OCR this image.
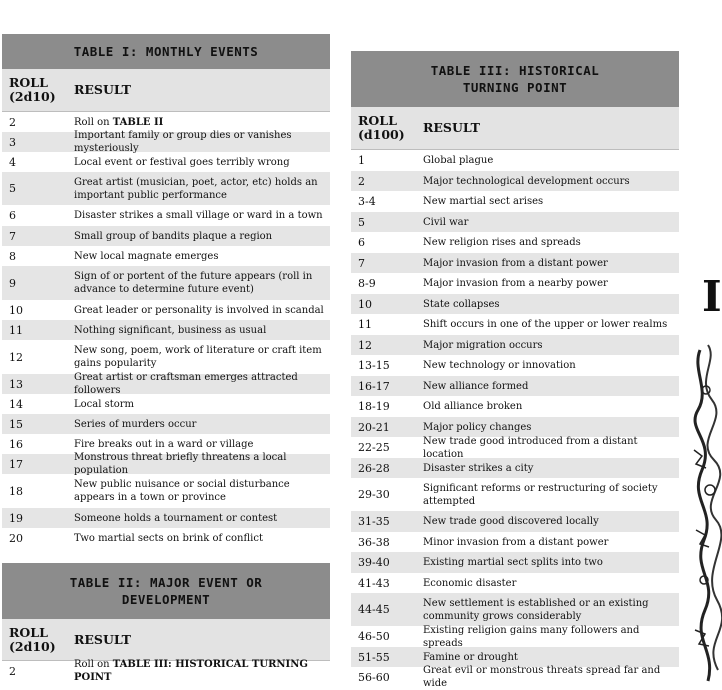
TABLE I: MONTHLY EVENTS
ROLL (2d10)	RESULT
2	Roll on TABLE II
3	Important family or group dies or vanishes mysteriously
4	Local event or festival goes terribly wrong
5	Great artist (musician, poet, actor, etc) holds an important public performance
6	Disaster strikes a small village or ward in a town
7	Small group of bandits plaque a region
8	New local magnate emerges
9	Sign of or portent of the future appears (roll in advance to determine future event)
10	Great leader or personality is involved in scandal
11	Nothing significant, business as usual
12	New song, poem, work of literature or craft item gains popularity
13	Great artist or craftsman emerges attracted followers
14	Local storm
15	Series of murders occur
16	Fire breaks out in a ward or village
17	Monstrous threat briefly threatens a local population
18	New public nuisance or social disturbance appears in a town or province
19	Someone holds a tournament or contest
20	Two martial sects on brink of conflict
TABLE II: MAJOR EVENT OR
DEVELOPMENT
ROLL (2d10)	RESULT
2	Roll on TABLE III: HISTORICAL TURNING POINT
TABLE III: HISTORICAL
TURNING POINT
ROLL (d100)	RESULT
1	Global plague
2	Major technological development occurs
3-4	New martial sect arises
5	Civil war
6	New religion rises and spreads
7	Major invasion from a distant power
8-9	Major invasion from a nearby power
10	State collapses
11	Shift occurs in one of the upper or lower realms
12	Major migration occurs
13-15	New technology or innovation
16-17	New alliance formed
18-19	Old alliance broken
20-21	Major policy changes
22-25	New trade good introduced from a distant location
26-28	Disaster strikes a city
29-30	Significant reforms or restructuring of society attempted
31-35	New trade good discovered locally
36-38	Minor invasion from a distant power
39-40	Existing martial sect splits into two
41-43	Economic disaster
44-45	New settlement is established or an existing community grows considerably
46-50	Existing religion gains many followers and spreads
51-55	Famine or drought
56-60	Great evil or monstrous threats spread far and wide
I
